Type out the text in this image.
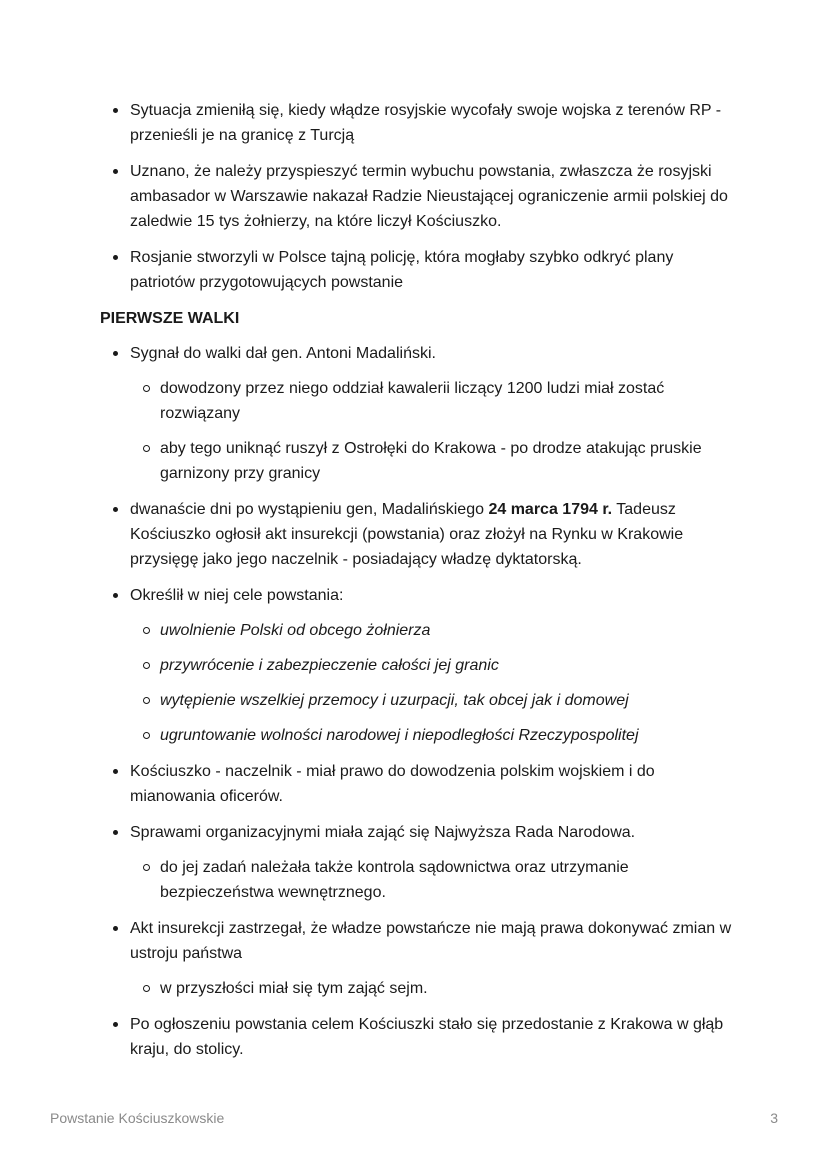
Sytuacja zmieniłą się, kiedy włądze rosyjskie wycofały swoje wojska z terenów RP - przenieśli je na granicę z Turcją
Uznano, że należy przyspieszyć termin wybuchu powstania, zwłaszcza że rosyjski ambasador w Warszawie nakazał Radzie Nieustającej ograniczenie armii polskiej do zaledwie 15 tys żołnierzy, na które liczył Kościuszko.
Rosjanie stworzyli w Polsce tajną policję, która mogłaby szybko odkryć plany patriotów przygotowujących powstanie
PIERWSZE WALKI
Sygnał do walki dał gen. Antoni Madaliński.
dowodzony przez niego oddział kawalerii liczący 1200 ludzi miał zostać rozwiązany
aby tego uniknąć ruszył z Ostrołęki do Krakowa - po drodze atakując pruskie garnizony przy granicy
dwanaście dni po wystąpieniu gen, Madalińskiego 24 marca 1794 r. Tadeusz Kościuszko ogłosił akt insurekcji (powstania) oraz złożył na Rynku w Krakowie przysięgę jako jego naczelnik - posiadający władzę dyktatorską.
Określił w niej cele powstania:
uwolnienie Polski od obcego żołnierza
przywrócenie i zabezpieczenie całości jej granic
wytępienie wszelkiej przemocy i uzurpacji, tak obcej jak i domowej
ugruntowanie wolności narodowej i niepodległości Rzeczypospolitej
Kościuszko - naczelnik - miał prawo do dowodzenia polskim wojskiem i do mianowania oficerów.
Sprawami organizacyjnymi miała zająć się Najwyższa Rada Narodowa.
do jej zadań należała także kontrola sądownictwa oraz utrzymanie bezpieczeństwa wewnętrznego.
Akt insurekcji zastrzegał, że władze powstańcze nie mają prawa dokonywać zmian w ustroju państwa
w przyszłości miał się tym zająć sejm.
Po ogłoszeniu powstania celem Kościuszki stało się przedostanie z Krakowa w głąb kraju, do stolicy.
Powstanie Kościuszkowskie	3
